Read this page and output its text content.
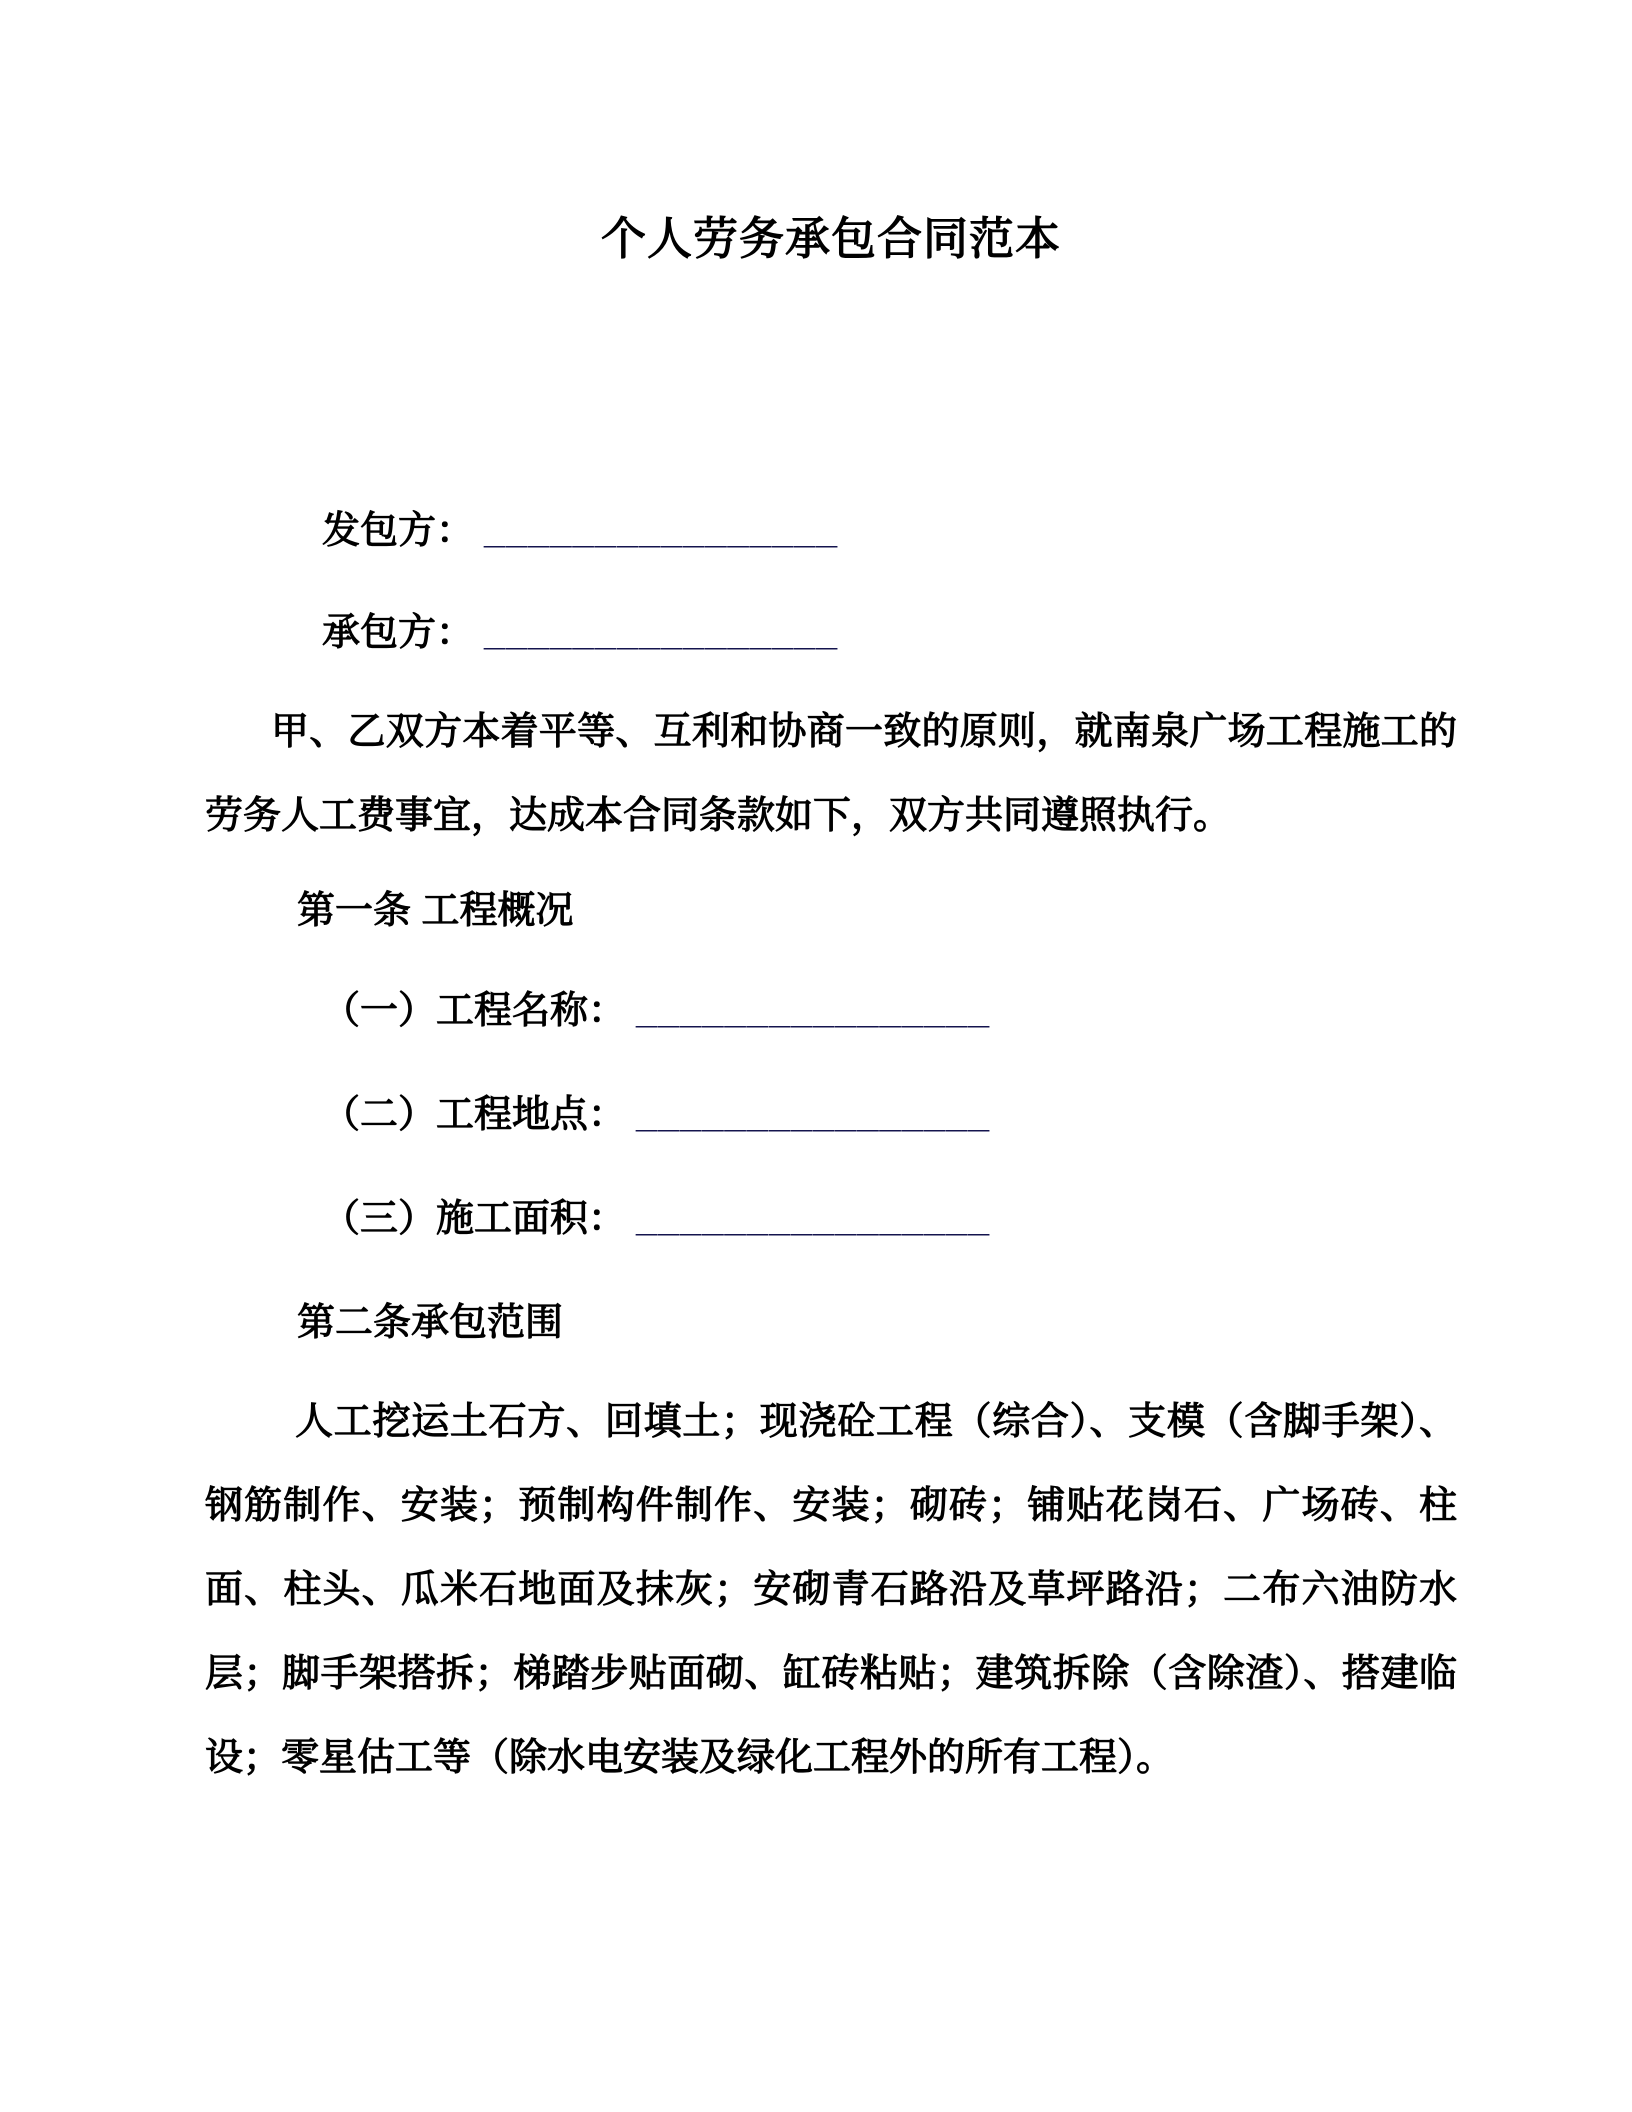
个人劳务承包合同范本
发包方： ________________
承包方： ________________

甲、乙双方本着平等、互利和协商一致的原则，就南泉广场工程施工的劳务人工费事宜，达成本合同条款如下，双方共同遵照执行。

第一条 工程概况
（一）工程名称： ________________
（二）工程地点： ________________
（三）施工面积： ________________
第二条承包范围

人工挖运土石方、回填土；现浇砼工程（综合）、支模（含脚手架）、钢筋制作、安装；预制构件制作、安装；砌砖；铺贴花岗石、广场砖、柱面、柱头、瓜米石地面及抹灰；安砌青石路沿及草坪路沿；二布六油防水层；脚手架搭拆；梯踏步贴面砌、缸砖粘贴；建筑拆除（含除渣）、搭建临设；零星估工等（除水电安装及绿化工程外的所有工程）。
